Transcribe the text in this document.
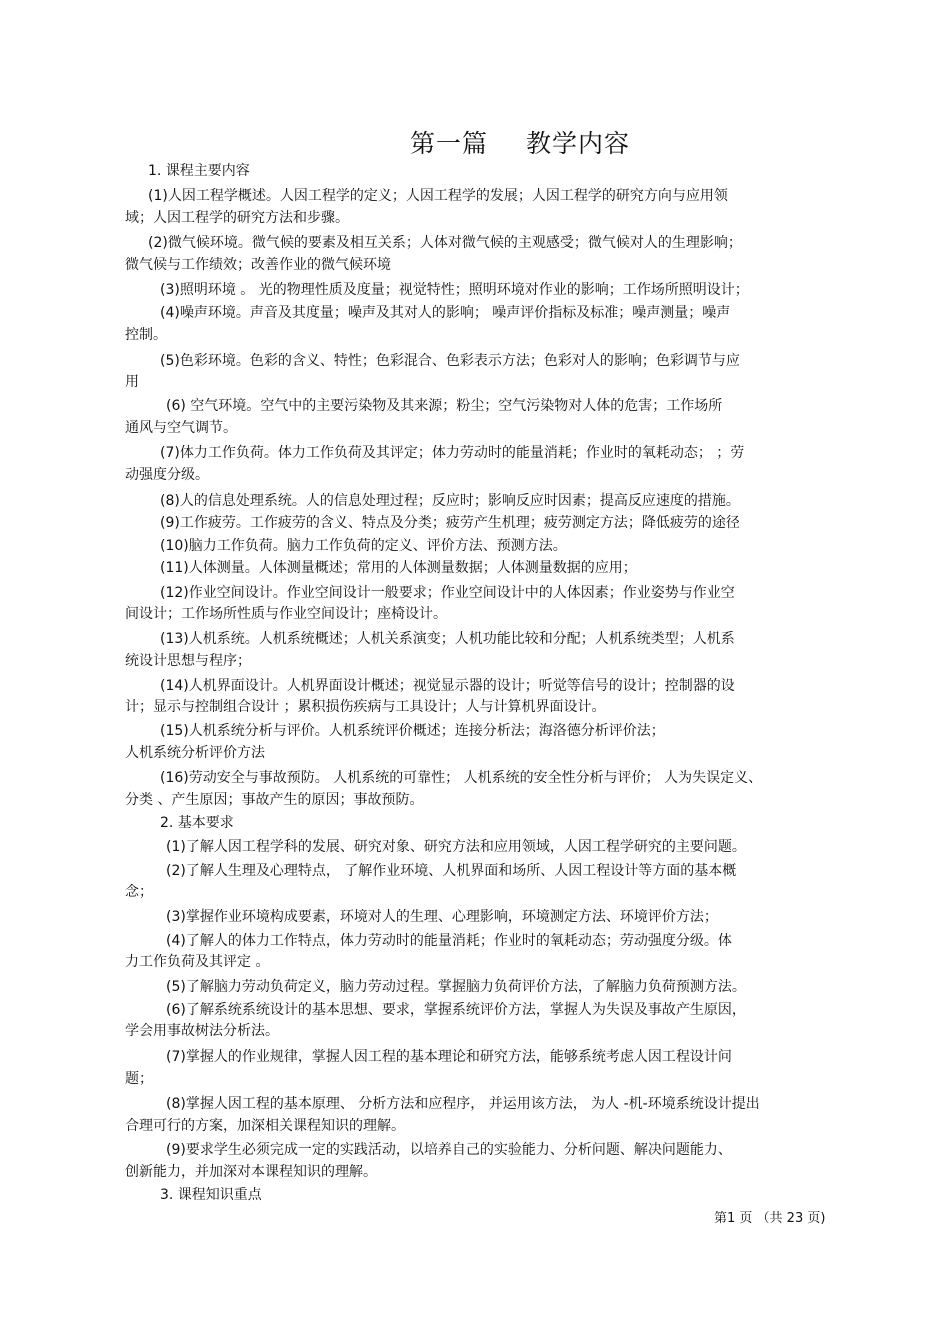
第一篇 教学内容
1. 课程主要内容
(1)人因工程学概述。人因工程学的定义；人因工程学的发展；人因工程学的研究方向与应用领
域；人因工程学的研究方法和步骤。
(2)微气候环境。微气候的要素及相互关系；人体对微气候的主观感受；微气候对人的生理影响；
微气候与工作绩效；改善作业的微气候环境
(3)照明环境 。 光的物理性质及度量；视觉特性；照明环境对作业的影响；工作场所照明设计；
(4)噪声环境。声音及其度量；噪声及其对人的影响； 噪声评价指标及标准；噪声测量；噪声
控制。
(5)色彩环境。色彩的含义、特性；色彩混合、色彩表示方法；色彩对人的影响；色彩调节与应
用
(6) 空气环境。空气中的主要污染物及其来源；粉尘；空气污染物对人体的危害；工作场所
通风与空气调节。
(7)体力工作负荷。体力工作负荷及其评定；体力劳动时的能量消耗；作业时的氧耗动态； ；劳
动强度分级。
(8)人的信息处理系统。人的信息处理过程；反应时；影响反应时因素；提高反应速度的措施。
(9)工作疲劳。工作疲劳的含义、特点及分类；疲劳产生机理；疲劳测定方法；降低疲劳的途径
(10)脑力工作负荷。脑力工作负荷的定义、评价方法、预测方法。
(11)人体测量。人体测量概述；常用的人体测量数据；人体测量数据的应用；
(12)作业空间设计。作业空间设计一般要求；作业空间设计中的人体因素；作业姿势与作业空
间设计；工作场所性质与作业空间设计；座椅设计。
(13)人机系统。人机系统概述；人机关系演变；人机功能比较和分配；人机系统类型；人机系
统设计思想与程序；
(14)人机界面设计。人机界面设计概述；视觉显示器的设计；听觉等信号的设计；控制器的设
计；显示与控制组合设计 ；累积损伤疾病与工具设计；人与计算机界面设计。
(15)人机系统分析与评价。人机系统评价概述；连接分析法；海洛德分析评价法；
人机系统分析评价方法
(16)劳动安全与事故预防。 人机系统的可靠性； 人机系统的安全性分析与评价； 人为失误定义、
分类 、产生原因；事故产生的原因；事故预防。
2. 基本要求
(1)了解人因工程学科的发展、研究对象、研究方法和应用领域，人因工程学研究的主要问题。
(2)了解人生理及心理特点， 了解作业环境、人机界面和场所、人因工程设计等方面的基本概
念；
(3)掌握作业环境构成要素，环境对人的生理、心理影响，环境测定方法、环境评价方法；
(4)了解人的体力工作特点，体力劳动时的能量消耗；作业时的氧耗动态；劳动强度分级。体
力工作负荷及其评定 。
(5)了解脑力劳动负荷定义，脑力劳动过程。掌握脑力负荷评价方法，了解脑力负荷预测方法。
(6)了解系统系统设计的基本思想、要求，掌握系统评价方法，掌握人为失误及事故产生原因，
学会用事故树法分析法。
(7)掌握人的作业规律，掌握人因工程的基本理论和研究方法，能够系统考虑人因工程设计问
题；
(8)掌握人因工程的基本原理、 分析方法和应程序， 并运用该方法， 为人 -机-环境系统设计提出
合理可行的方案，加深相关课程知识的理解。
(9)要求学生必须完成一定的实践活动，以培养自己的实验能力、分析问题、解决问题能力、
创新能力，并加深对本课程知识的理解。
3. 课程知识重点
第1 页 （共 23 页)
